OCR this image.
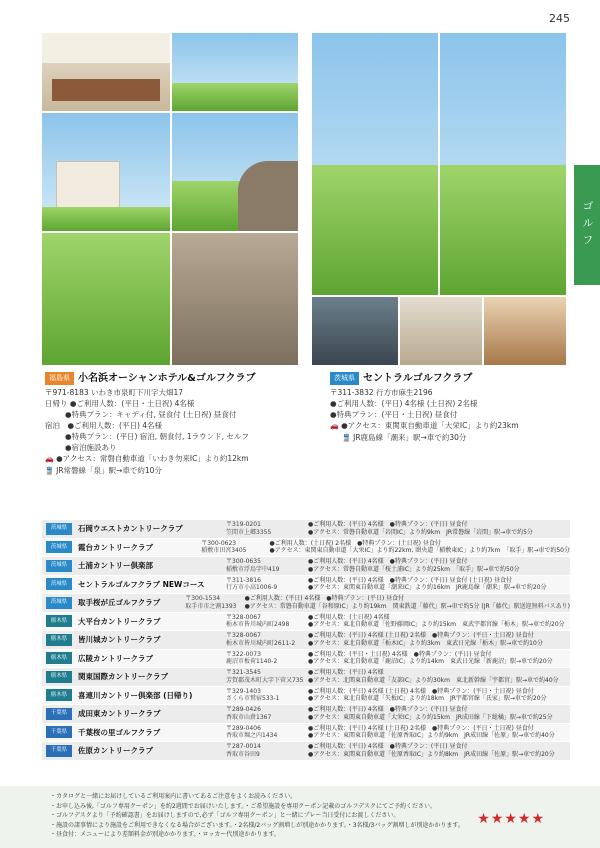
245
ゴルフ
福島県 小名浜オーシャンホテル&ゴルフクラブ
〒971-8183 いわき市泉町下川字大畑17
日帰り ●ご利用人数：(平日・土日祝) 4名様
●特典プラン：キャディ付, 昼食付 (土日祝) 昼食付
宿泊　●ご利用人数：(平日) 4名様
●特典プラン：(平日) 宿泊, 朝食付, 1ラウンド, セルフ
●宿泊施設あり
🚗 ●アクセス：常磐自動車道「いわき勿来IC」より約12km
🚆 JR常磐線「泉」駅→車で約10分
茨城県 セントラルゴルフクラブ
〒311-3832 行方市麻生2196
●ご利用人数：(平日) 4名様 (土日祝) 2名様
●特典プラン：(平日・土日祝) 昼食付
🚗 ●アクセス：東関東自動車道「大栄IC」より約23km
🚆 JR鹿島線「潮来」駅→車で約30分
茨城県	石岡ウエストカントリークラブ	〒319-0201
笠間市上郷3355
●ご利用人数：(平日) 4名様　●特典プラン：(平日) 昼食付
●アクセス：常磐自動車道「岩間IC」より約9km　JR常磐線「岩間」駅→車で約5分
茨城県	霞台カントリークラブ	〒300-0623
稲敷市田宮3405
●ご利用人数：(土日祝) 2名様　●特典プラン：(土日祝) 昼食付
●アクセス：東関東自動車道「大栄IC」より約22km, 圏央道「稲敷東IC」より約7km　「取手」駅→車で約50分
茨城県	土浦カントリー倶楽部	〒300-0635
稲敷市浮島字中419
●ご利用人数：(平日) 4名様　●特典プラン：(平日) 昼食付
●アクセス：常磐自動車道「桜土浦IC」より約25km　「取手」駅→車で約50分
茨城県	セントラルゴルフクラブ NEWコース	〒311-3816
行方市小高1006-9
●ご利用人数：(平日) 4名様　●特典プラン：(平日) 昼食付 (土日祝) 昼食付
●アクセス：東関東自動車道「潮来IC」より約16km　JR鹿島線「潮来」駅→車で約20分
茨城県	取手桜が丘ゴルフクラブ	〒300-1534
取手市市之割1393
●ご利用人数：(平日) 4名様　●特典プラン：(平日) 昼食付
●アクセス：常磐自動車道「谷和原IC」より約19km　関東鉄道「藤代」駅→車で約5分 (JR「藤代」駅送迎無料バスあり)
栃木県	大平台カントリークラブ	〒328-0067
栃木市皆川城内町2498
●ご利用人数：(土日祝) 4名様
●アクセス：東北自動車道「佐野藤岡IC」より約15km　東武宇都宮線「栃木」駅→車で約20分
栃木県	皆川城カントリークラブ	〒328-0067
栃木市皆川城内町2611-2
●ご利用人数：(平日) 4名様 (土日祝) 2名様　●特典プラン：(平日・土日祝) 昼食付
●アクセス：東北自動車道「栃木IC」より約3km　東武日光線「栃木」駅→車で約10分
栃木県	広陵カントリークラブ	〒322-0073
鹿沼市板荷1140-2
●ご利用人数：(平日・土日祝) 4名様　●特典プラン：(平日) 昼食付
●アクセス：東北自動車道「鹿沼IC」より約14km　東武日光線「新鹿沼」駅→車で約20分
栃木県	関東国際カントリークラブ	〒321-3545
芳賀郡茂木町大字下菅又735
●ご利用人数：(平日) 4名様
●アクセス：北関東自動車道「友部IC」より約30km　東北新幹線「宇都宮」駅→車で約40分
栃木県	喜連川カントリー倶楽部 (日帰り)	〒329-1403
さくら市鷲宿533-1
●ご利用人数：(平日) 4名様 (土日祝) 4名様　●特典プラン：(平日・土日祝) 昼食付
●アクセス：東北自動車道「矢板IC」より約18km　JR宇都宮線「氏家」駅→車で約20分
千葉県	成田東カントリークラブ	〒289-0426
香取市山倉1367
●ご利用人数：(平日) 4名様　●特典プラン：(平日) 昼食付
●アクセス：東関東自動車道「大栄IC」より約15km　JR成田線「下総橘」駅→車で約25分
千葉県	千葉桜の里ゴルフクラブ	〒289-0406
香取市堀之内1434
●ご利用人数：(平日) 4名様 (土日祝) 2名様　●特典プラン：(平日・土日祝) 昼食付
●アクセス：東関東自動車道「佐原香取IC」より約9km　JR成田線「佐原」駅→車で約40分
千葉県	佐原カントリークラブ	〒287-0014
香取市谷田9
●ご利用人数：(平日) 4名様　●特典プラン：(平日) 昼食付
●アクセス：東関東自動車道「佐原香取IC」より約8km　JR成田線「佐原」駅→車で約20分
・カタログと一緒にお届けしているご利用案内に書いてあるご注意をよくお読みください。
・お申し込み後,「ゴルフ専用クーポン」を約2週間でお届けいたします。・ご希望施設を専用クーポン記載のゴルフデスクにてご予約ください。
・ゴルフデスクより「予約確認書」をお届けしますので,必ず「ゴルフ専用クーポン」と一緒にプレー当日受付にお渡しください。
・施設の諸事情により施設をご利用できなくなる場合がございます。・2名様/2バッグ割増しが別途かかります。・3名様/3バッグ割増しが別途かかります。
・昼食付：メニューにより差額料金が別途かかります。・ロッカー代別途かかります。
★★★★★
